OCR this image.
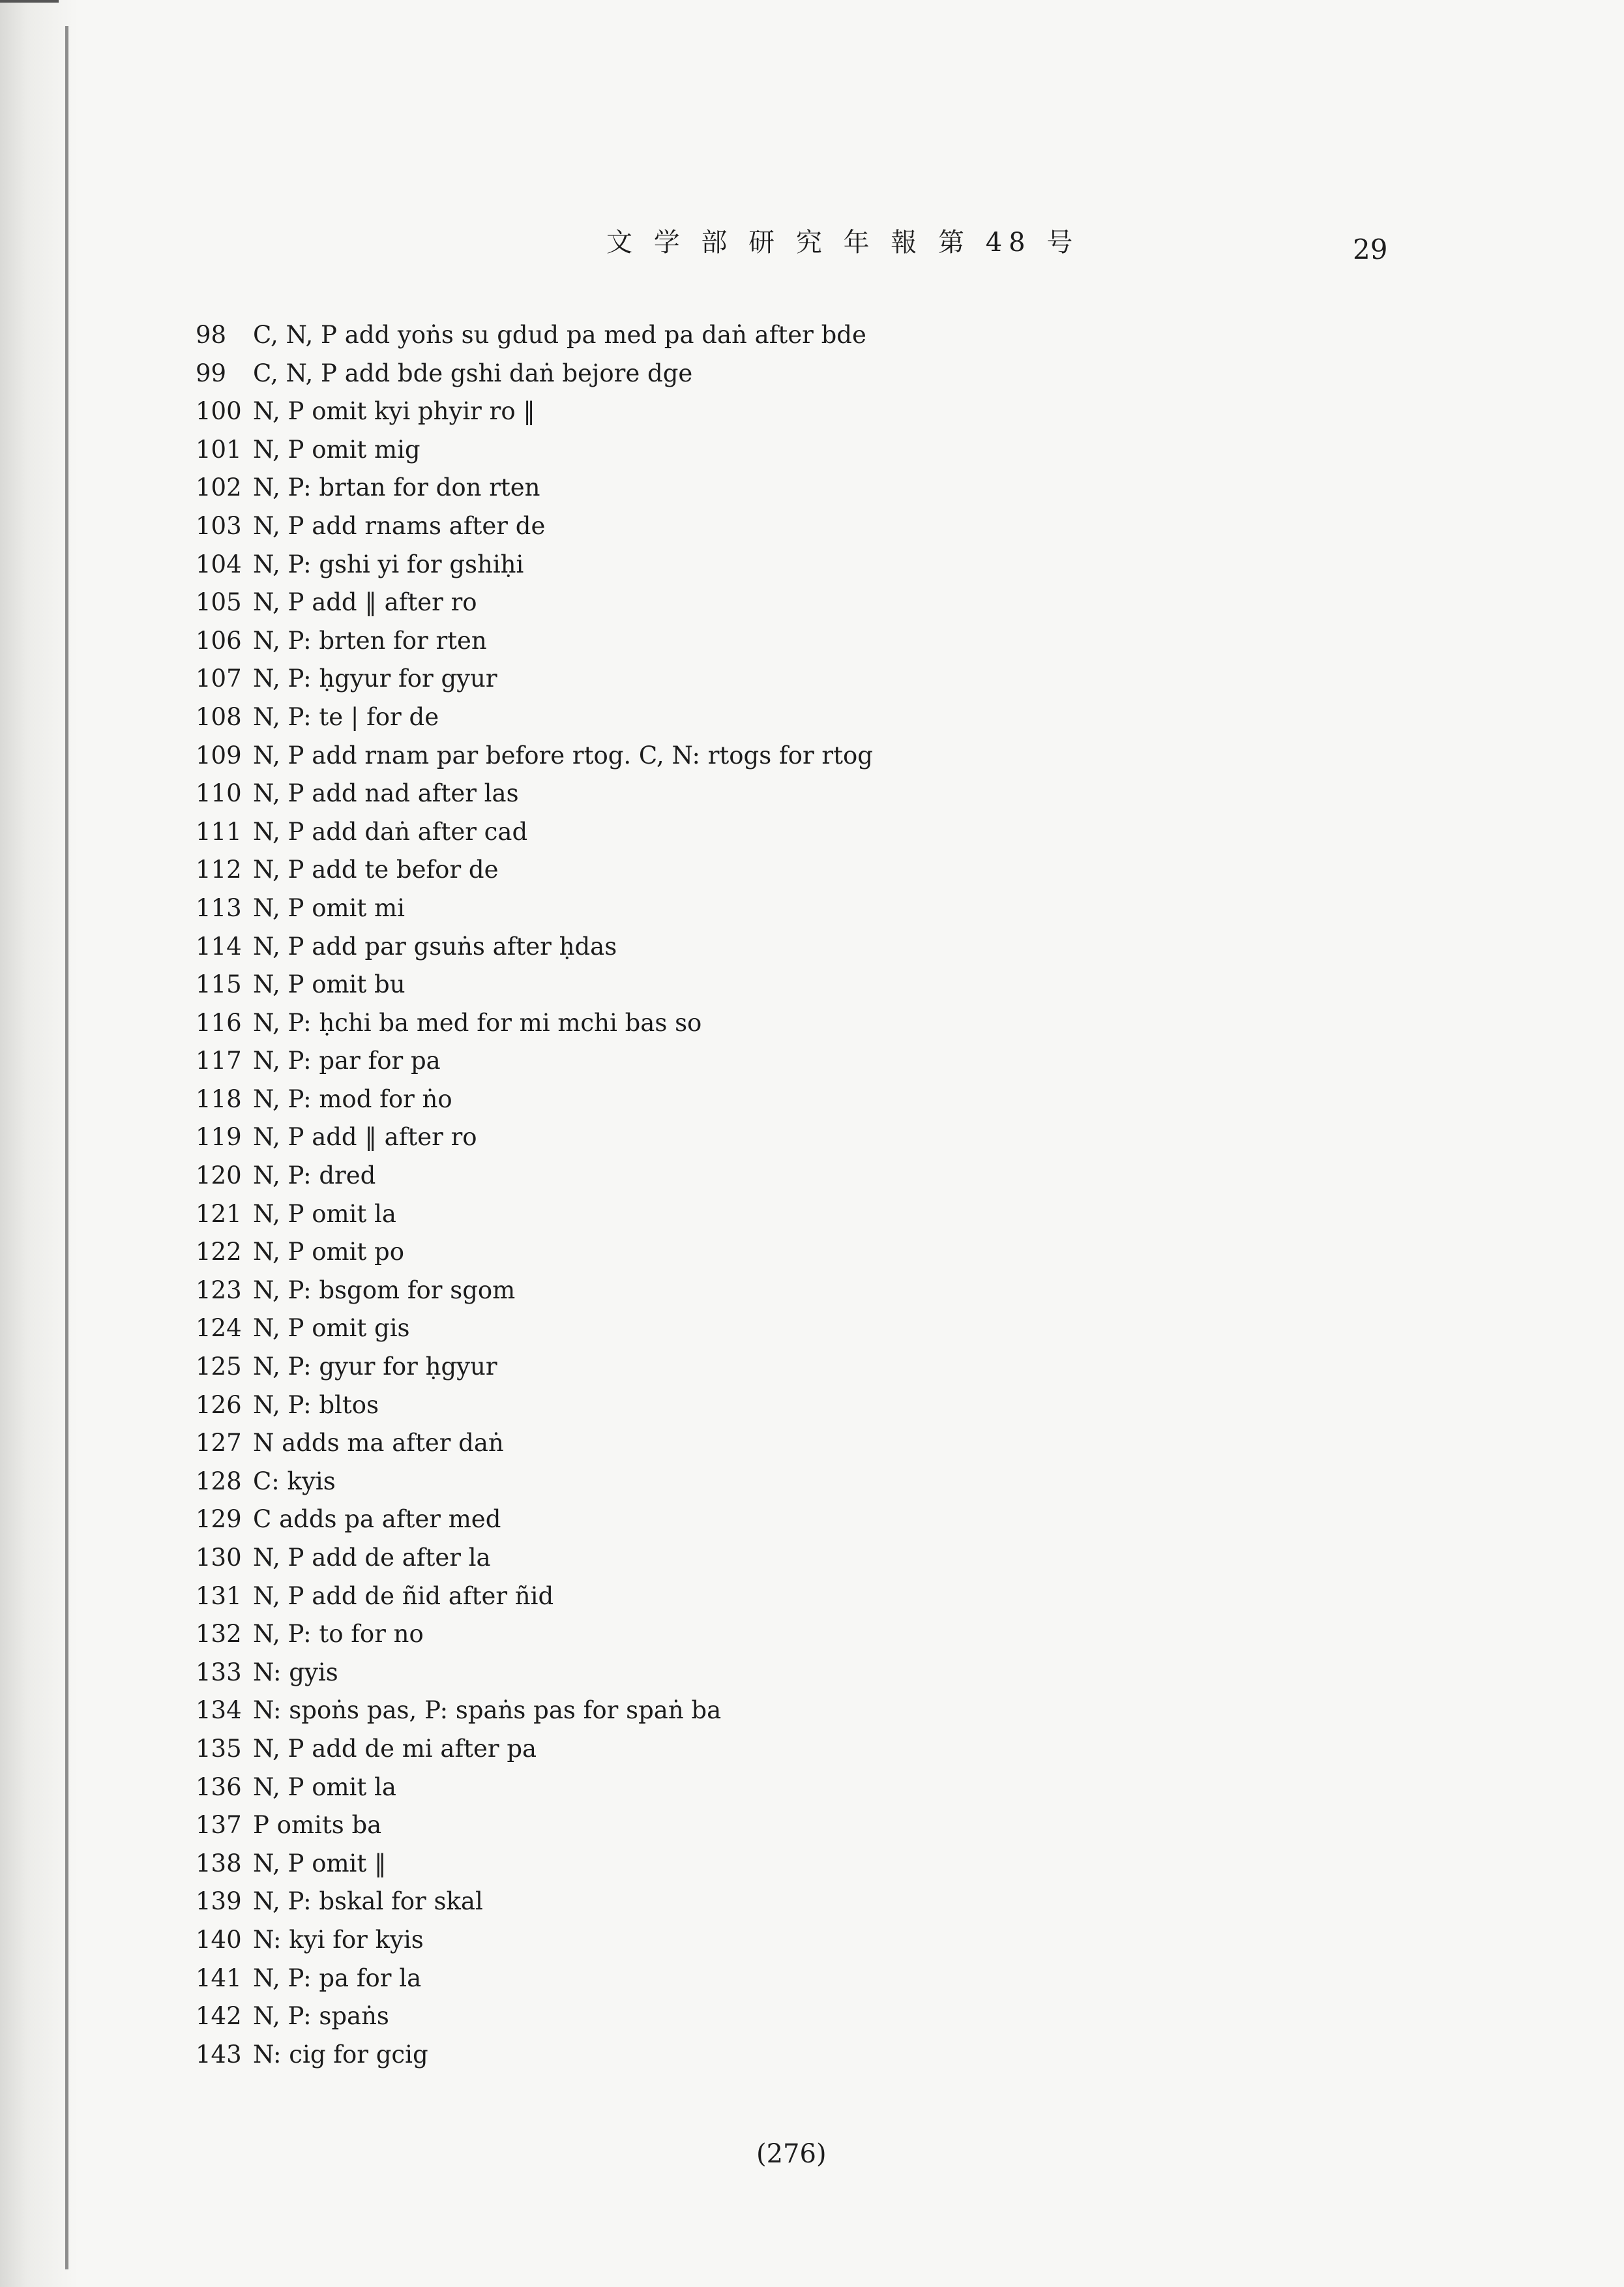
文 学 部 研 究 年 報 第 48 号	29
98 C, N, P add yoṅs su gdud pa med pa daṅ after bde
99 C, N, P add bde gshi daṅ bejore dge
100 N, P omit kyi phyir ro ‖
101 N, P omit mig
102 N, P: brtan for don rten
103 N, P add rnams after de
104 N, P: gshi yi for gshiḥi
105 N, P add ‖ after ro
106 N, P: brten for rten
107 N, P: ḥgyur for gyur
108 N, P: te | for de
109 N, P add rnam par before rtog. C, N: rtogs for rtog
110 N, P add nad after las
111 N, P add daṅ after cad
112 N, P add te befor de
113 N, P omit mi
114 N, P add par gsuṅs after ḥdas
115 N, P omit bu
116 N, P: ḥchi ba med for mi mchi bas so
117 N, P: par for pa
118 N, P: mod for ṅo
119 N, P add ‖ after ro
120 N, P: dred
121 N, P omit la
122 N, P omit po
123 N, P: bsgom for sgom
124 N, P omit gis
125 N, P: gyur for ḥgyur
126 N, P: bltos
127 N adds ma after daṅ
128 C: kyis
129 C adds pa after med
130 N, P add de after la
131 N, P add de ñid after ñid
132 N, P: to for no
133 N: gyis
134 N: spoṅs pas, P: spaṅs pas for spaṅ ba
135 N, P add de mi after pa
136 N, P omit la
137 P omits ba
138 N, P omit ‖
139 N, P: bskal for skal
140 N: kyi for kyis
141 N, P: pa for la
142 N, P: spaṅs
143 N: cig for gcig
(276)
